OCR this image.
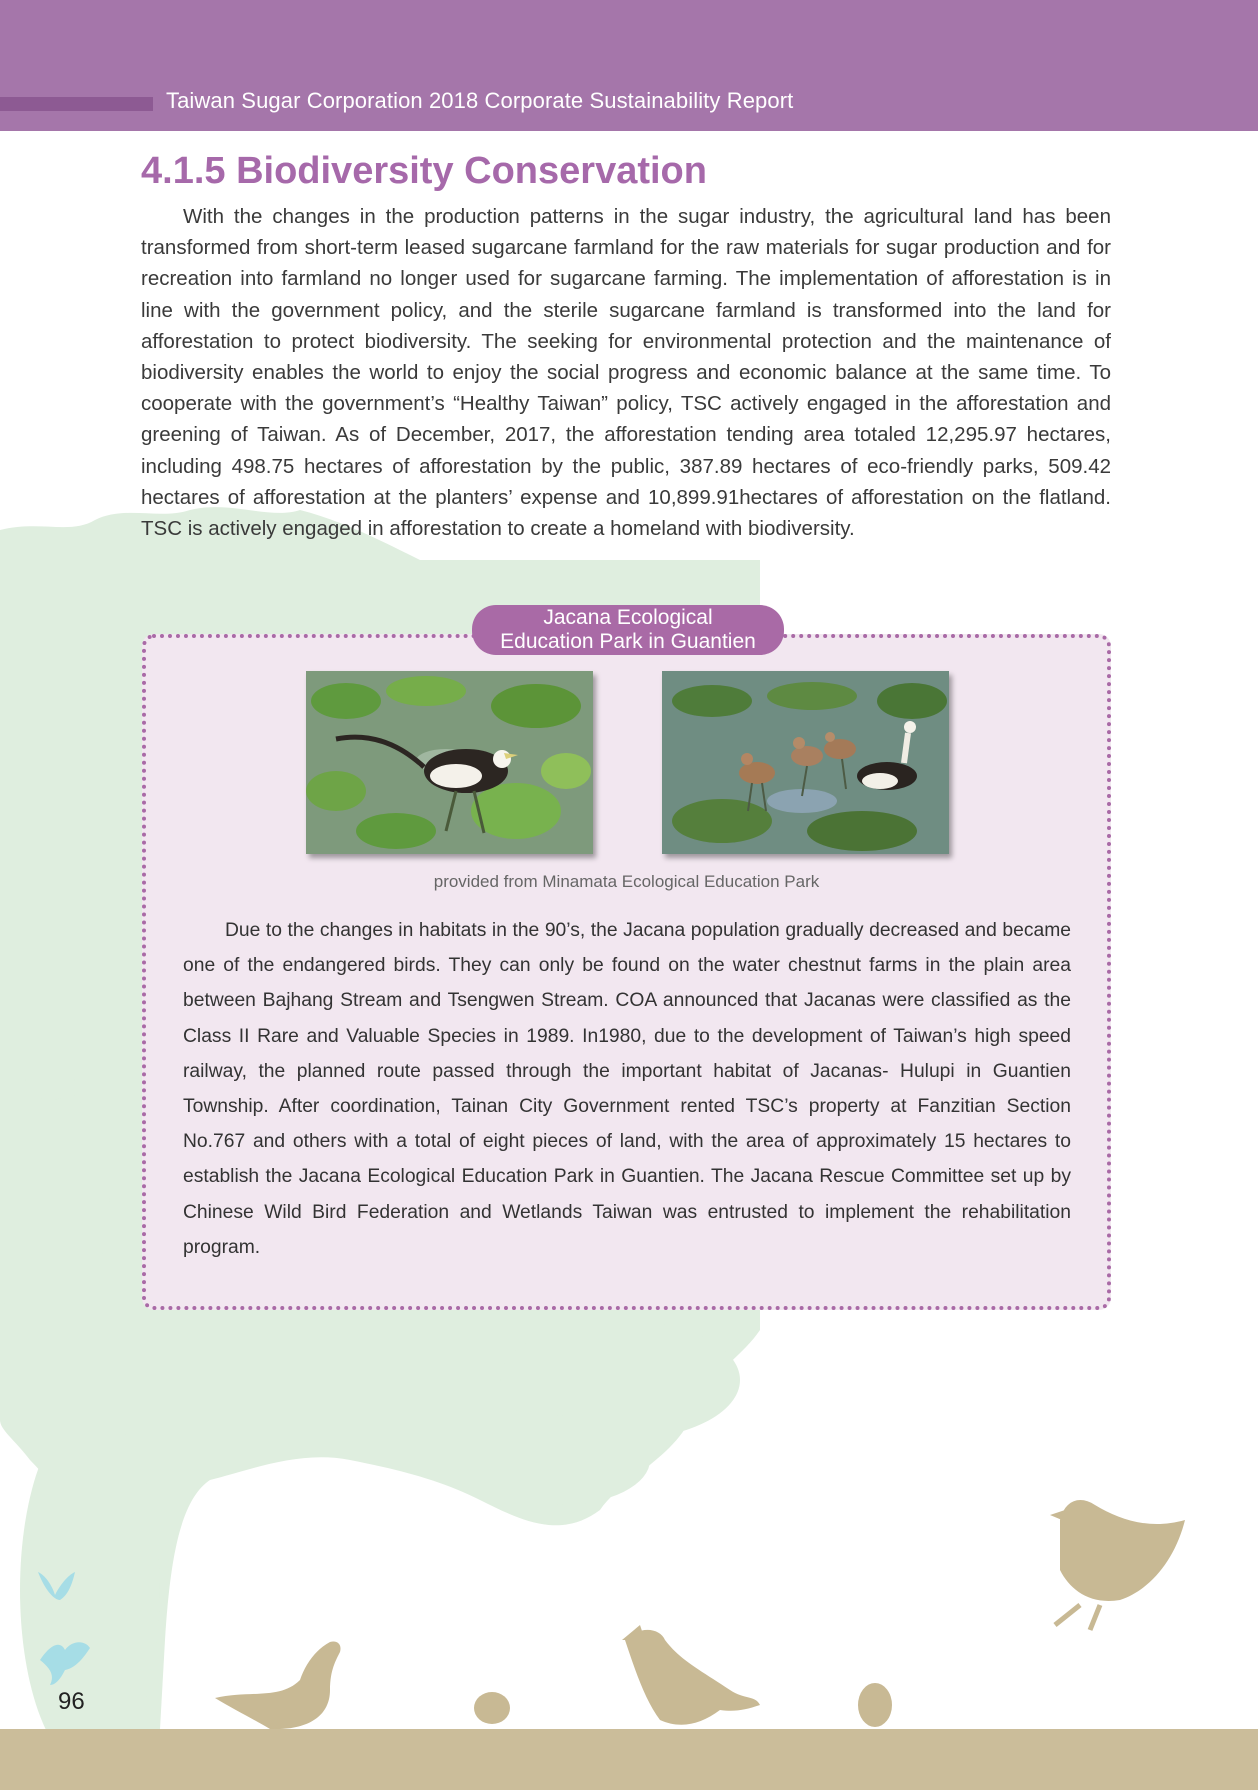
Taiwan Sugar Corporation 2018 Corporate Sustainability Report
4.1.5 Biodiversity Conservation

With the changes in the production patterns in the sugar industry, the agricultural land has been transformed from short-term leased sugarcane farmland for the raw materials for sugar production and for recreation into farmland no longer used for sugarcane farming. The implementation of afforestation is in line with the government policy, and the sterile sugarcane farmland is transformed into the land for afforestation to protect biodiversity. The seeking for environmental protection and the maintenance of biodiversity enables the world to enjoy the social progress and economic balance at the same time. To cooperate with the government’s “Healthy Taiwan” policy, TSC actively engaged in the afforestation and greening of Taiwan. As of December, 2017, the afforestation tending area totaled 12,295.97 hectares, including 498.75 hectares of afforestation by the public, 387.89 hectares of eco-friendly parks, 509.42 hectares of afforestation at the planters’ expense and 10,899.91hectares of afforestation on the flatland. TSC is actively engaged in afforestation to create a homeland with biodiversity.

Jacana Ecological
Education Park in Guantien
provided from Minamata Ecological Education Park

Due to the changes in habitats in the 90’s, the Jacana population gradually decreased and became one of the endangered birds. They can only be found on the water chestnut farms in the plain area between Bajhang Stream and Tsengwen Stream. COA announced that Jacanas were classified as the Class II Rare and Valuable Species in 1989. In1980, due to the development of Taiwan’s high speed railway, the planned route passed through the important habitat of Jacanas- Hulupi in Guantien Township. After coordination, Tainan City Government rented TSC’s property at Fanzitian Section No.767 and others with a total of eight pieces of land, with the area of approximately 15 hectares to establish the Jacana Ecological Education Park in Guantien. The Jacana Rescue Committee set up by Chinese Wild Bird Federation and Wetlands Taiwan was entrusted to implement the rehabilitation program.

96
